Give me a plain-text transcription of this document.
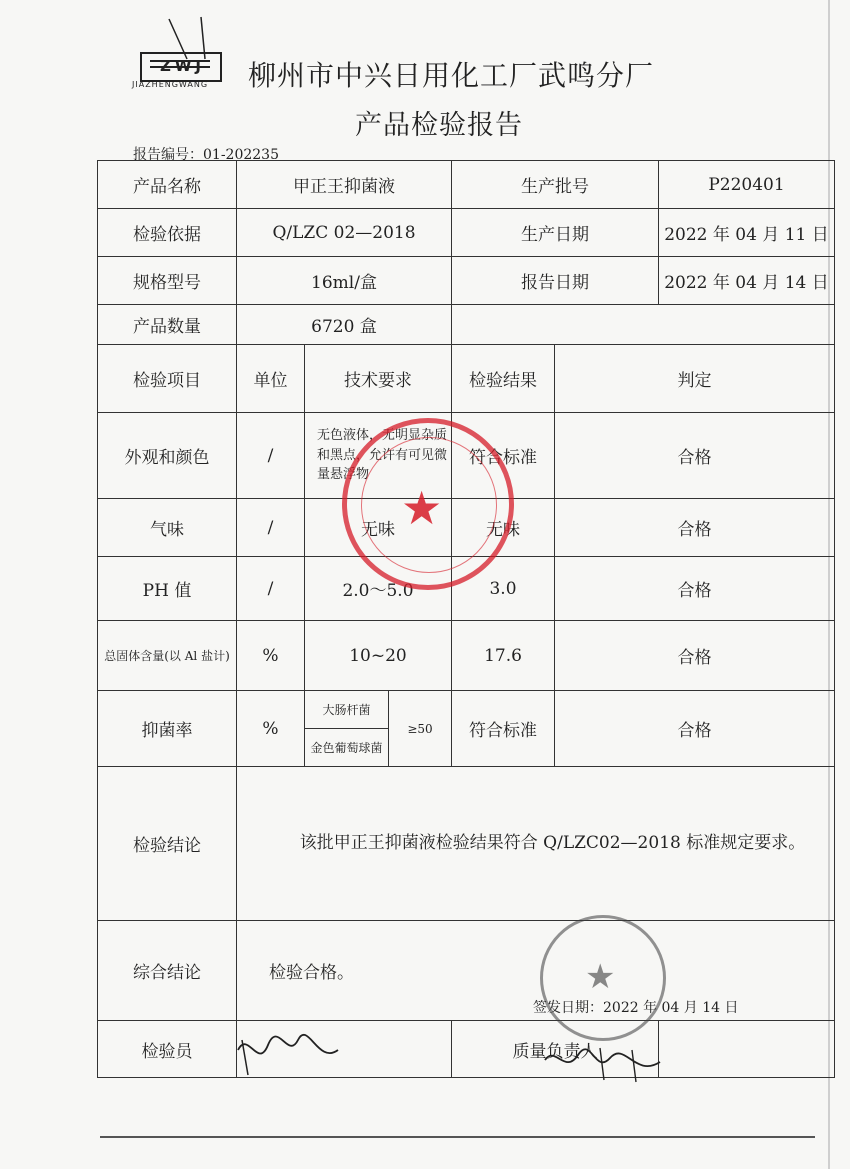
ZWJ
JIAZHENGWANG 柳州市中兴日用化工厂武鸣分厂
产品检验报告
报告编号：01-202235
产品名称	甲正王抑菌液			生产批号		P220401
检验依据	Q/LZC 02—2018			生产日期		2022 年 04 月 11 日
规格型号	16ml/盒			报告日期		2022 年 04 月 14 日
产品数量	6720 盒					
检验项目	单位	技术要求		检验结果	判定	
外观和颜色	/	无色液体，无明显杂质和黑点，允许有可见微量悬浮物		符合标准	合格	
气味	/	无味		无味	合格	
PH 值	/	2.0～5.0		3.0	合格	
总固体含量(以 Al 盐计)	%	10~20		17.6	合格	
抑菌率	%	大肠杆菌	≥50	符合标准	合格	
		金色葡萄球菌				
检验结论	该批甲正王抑菌液检验结果符合 Q/LZC02—2018 标准规定要求。					
综合结论	检验合格。					
检验员				质量负责人		
签发日期：2022 年 04 月 14 日
★
★
